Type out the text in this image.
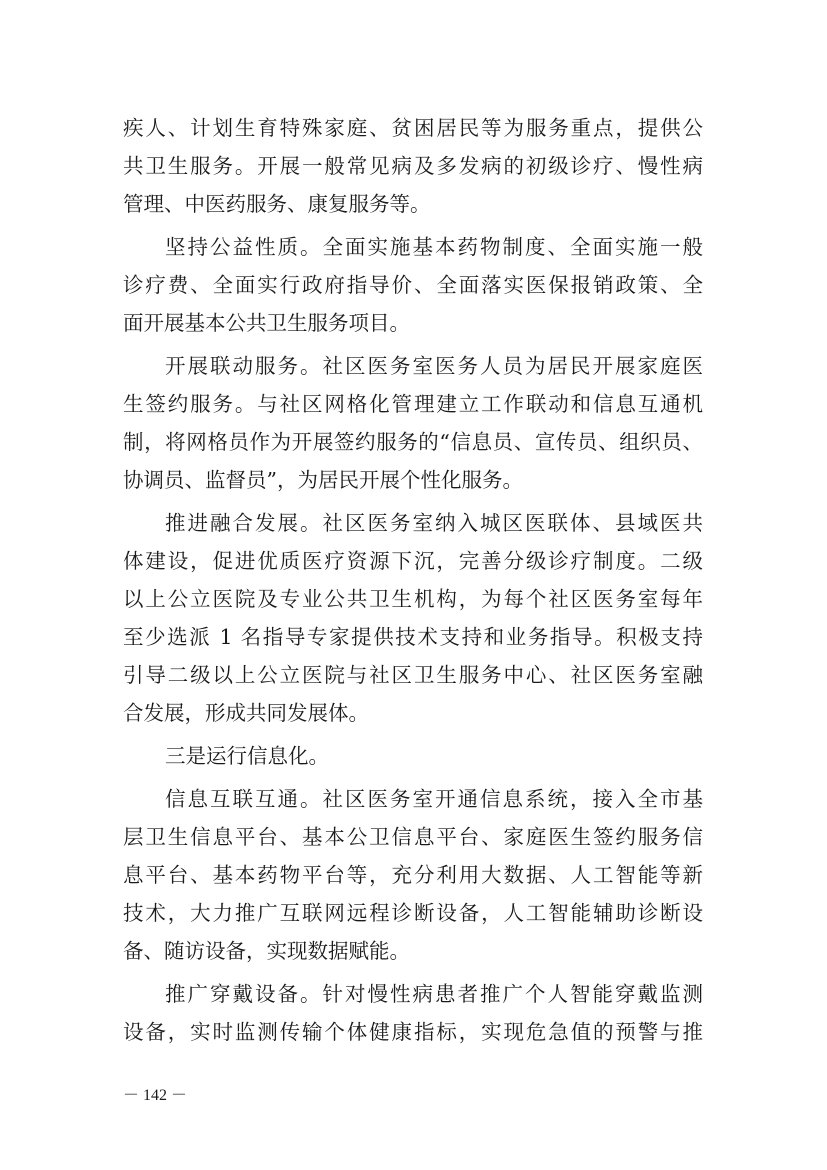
疾人、计划生育特殊家庭、贫困居民等为服务重点，提供公
共卫生服务。开展一般常见病及多发病的初级诊疗、慢性病
管理、中医药服务、康复服务等。
坚持公益性质。全面实施基本药物制度、全面实施一般
诊疗费、全面实行政府指导价、全面落实医保报销政策、全
面开展基本公共卫生服务项目。
开展联动服务。社区医务室医务人员为居民开展家庭医
生签约服务。与社区网格化管理建立工作联动和信息互通机
制，将网格员作为开展签约服务的“信息员、宣传员、组织员、
协调员、监督员”，为居民开展个性化服务。
推进融合发展。社区医务室纳入城区医联体、县域医共
体建设，促进优质医疗资源下沉，完善分级诊疗制度。二级
以上公立医院及专业公共卫生机构，为每个社区医务室每年
至少选派 1 名指导专家提供技术支持和业务指导。积极支持
引导二级以上公立医院与社区卫生服务中心、社区医务室融
合发展，形成共同发展体。
三是运行信息化。
信息互联互通。社区医务室开通信息系统，接入全市基
层卫生信息平台、基本公卫信息平台、家庭医生签约服务信
息平台、基本药物平台等，充分利用大数据、人工智能等新
技术，大力推广互联网远程诊断设备，人工智能辅助诊断设
备、随访设备，实现数据赋能。
推广穿戴设备。针对慢性病患者推广个人智能穿戴监测
设备，实时监测传输个体健康指标，实现危急值的预警与推
－ 142 －
